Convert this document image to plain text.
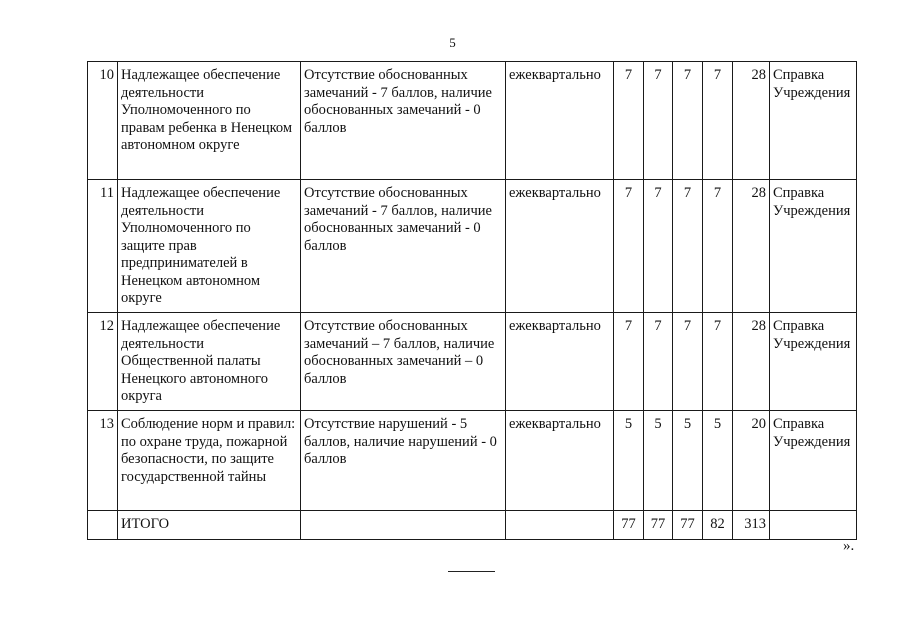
5
10	Надлежащее обеспечение деятельности Уполномоченного по правам ребенка в Ненецком автономном округе	Отсутствие обоснованных замечаний - 7 баллов, наличие обоснованных замечаний - 0 баллов	ежеквартально	7	7	7	7	28	Справка Учреждения
11	Надлежащее обеспечение деятельности Уполномоченного по защите прав предпринимателей в Ненецком автономном округе	Отсутствие обоснованных замечаний - 7 баллов, наличие обоснованных замечаний - 0 баллов	ежеквартально	7	7	7	7	28	Справка Учреждения
12	Надлежащее обеспечение деятельности Общественной палаты Ненецкого автономного округа	Отсутствие обоснованных замечаний – 7 баллов, наличие обоснованных замечаний – 0 баллов	ежеквартально	7	7	7	7	28	Справка Учреждения
13	Соблюдение норм и правил: по охране труда, пожарной безопасности, по защите государственной тайны	Отсутствие нарушений - 5 баллов, наличие нарушений - 0 баллов	ежеквартально	5	5	5	5	20	Справка Учреждения
	ИТОГО			77	77	77	82	313	
».
